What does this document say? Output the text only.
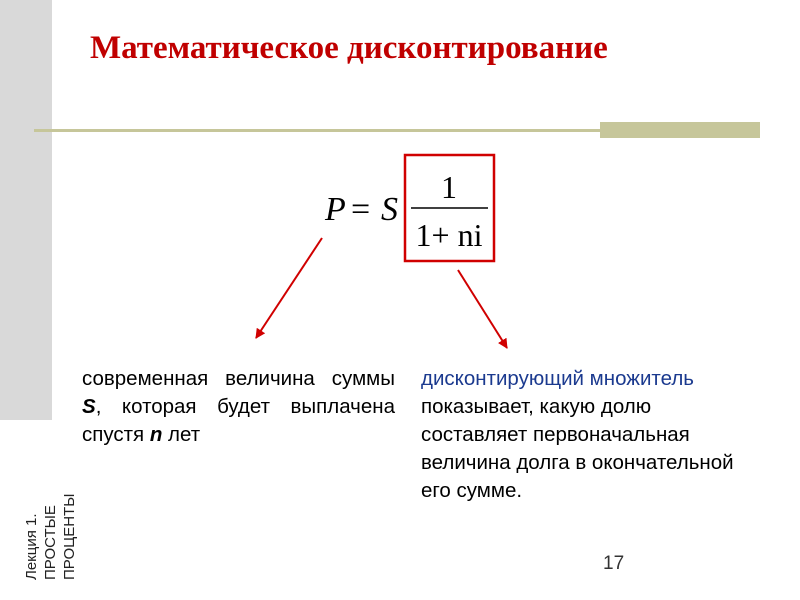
Математическое дисконтирование
P = S
1
1+ ni

современная величина суммы S, которая будет выплачена спустя n лет

дисконтирующий множитель показывает, какую долю составляет первоначальная величина долга в окончательной его сумме.

Лекция 1. ПРОСТЫЕ ПРОЦЕНТЫ	17
